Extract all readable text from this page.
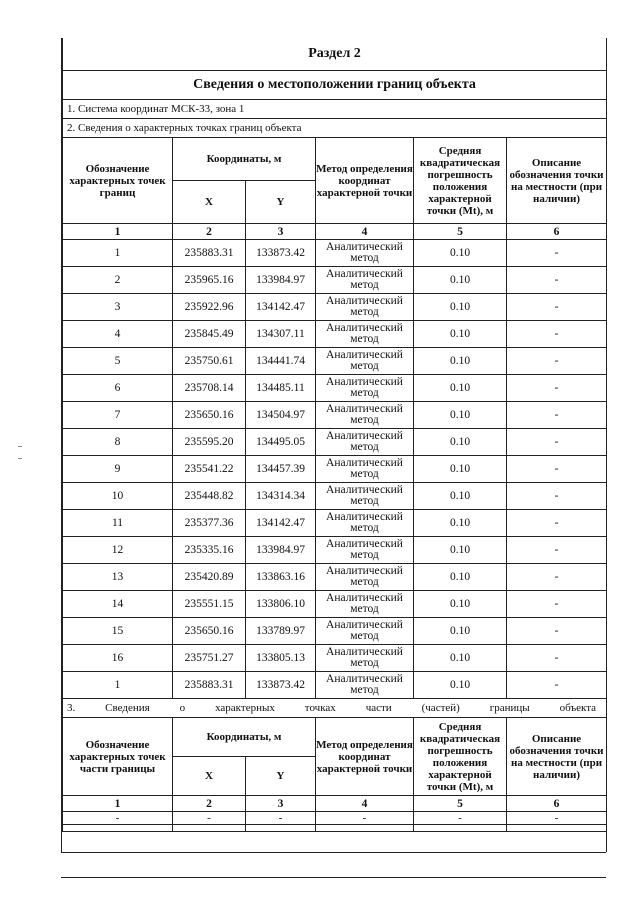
Раздел 2					
Сведения о местоположении границ объекта					
1. Система координат МСК-33, зона 1					
2. Сведения о характерных точках границ объекта					
Обозначение характерных точек границ	Координаты, м		Метод определения координат характерной точки	Средняя квадратическая погрешность положения характерной точки (Mt), м	Описание обозначения точки на местности (при наличии)
	X	Y			
1	2	3	4	5	6
1	235883.31	133873.42	Аналитический метод	0.10	-
2	235965.16	133984.97	Аналитический метод	0.10	-
3	235922.96	134142.47	Аналитический метод	0.10	-
4	235845.49	134307.11	Аналитический метод	0.10	-
5	235750.61	134441.74	Аналитический метод	0.10	-
6	235708.14	134485.11	Аналитический метод	0.10	-
7	235650.16	134504.97	Аналитический метод	0.10	-
8	235595.20	134495.05	Аналитический метод	0.10	-
9	235541.22	134457.39	Аналитический метод	0.10	-
10	235448.82	134314.34	Аналитический метод	0.10	-
11	235377.36	134142.47	Аналитический метод	0.10	-
12	235335.16	133984.97	Аналитический метод	0.10	-
13	235420.89	133863.16	Аналитический метод	0.10	-
14	235551.15	133806.10	Аналитический метод	0.10	-
15	235650.16	133789.97	Аналитический метод	0.10	-
16	235751.27	133805.13	Аналитический метод	0.10	-
1	235883.31	133873.42	Аналитический метод	0.10	-
3. Сведения о характерных точках части (частей) границы объекта					
Обозначение характерных точек части границы	Координаты, м		Метод определения координат характерной точки	Средняя квадратическая погрешность положения характерной точки (Mt), м	Описание обозначения точки на местности (при наличии)
	X	Y			
1	2	3	4	5	6
-	-	-	-	-	-
